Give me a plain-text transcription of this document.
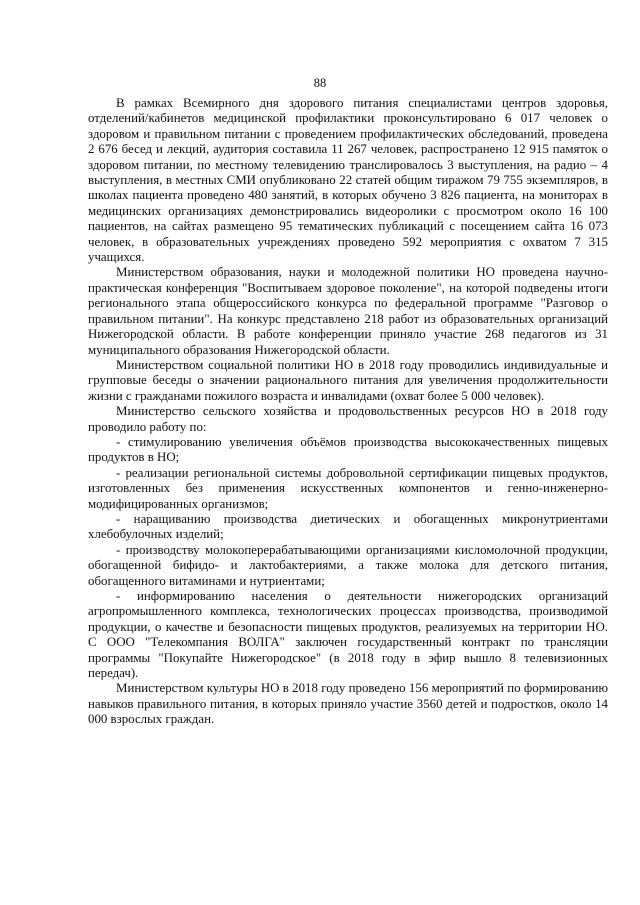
88

В рамках Всемирного дня здорового питания специалистами центров здоровья, отделений/кабинетов медицинской профилактики проконсультировано 6 017 человек о здоровом и правильном питании с проведением профилактических обследований, проведена 2 676 бесед и лекций, аудитория составила 11 267 человек, распространено 12 915 памяток о здоровом питании, по местному телевидению транслировалось 3 выступления, на радио – 4 выступления, в местных СМИ опубликовано 22 статей общим тиражом 79 755 экземпляров, в школах пациента проведено 480 занятий, в которых обучено 3 826 пациента, на мониторах в медицинских организациях демонстрировались видеоролики с просмотром около 16 100 пациентов, на сайтах размещено 95 тематических публикаций с посещением сайта 16 073 человек, в образовательных учреждениях проведено 592 мероприятия с охватом 7 315 учащихся.

Министерством образования, науки и молодежной политики НО проведена научно-практическая конференция "Воспитываем здоровое поколение", на которой подведены итоги регионального этапа общероссийского конкурса по федеральной программе "Разговор о правильном питании". На конкурс представлено 218 работ из образовательных организаций Нижегородской области. В работе конференции приняло участие 268 педагогов из 31 муниципального образования Нижегородской области.

Министерством социальной политики НО в 2018 году проводились индивидуальные и групповые беседы о значении рационального питания для увеличения продолжительности жизни с гражданами пожилого возраста и инвалидами (охват более 5 000 человек).

Министерство сельского хозяйства и продовольственных ресурсов НО в 2018 году проводило работу по:

- стимулированию увеличения объёмов производства высококачественных пищевых продуктов в НО;

- реализации региональной системы добровольной сертификации пищевых продуктов, изготовленных без применения искусственных компонентов и генно-инженерно-модифицированных организмов;

- наращиванию производства диетических и обогащенных микронутриентами хлебобулочных изделий;

- производству молокоперерабатывающими организациями кисломолочной продукции, обогащенной бифидо- и лактобактериями, а также молока для детского питания, обогащенного витаминами и нутриентами;

- информированию населения о деятельности нижегородских организаций агропромышленного комплекса, технологических процессах производства, производимой продукции, о качестве и безопасности пищевых продуктов, реализуемых на территории НО. С ООО "Телекомпания ВОЛГА" заключен государственный контракт по трансляции программы "Покупайте Нижегородское" (в 2018 году в эфир вышло 8 телевизионных передач).

Министерством культуры НО в 2018 году проведено 156 мероприятий по формированию навыков правильного питания, в которых приняло участие 3560 детей и подростков, около 14 000 взрослых граждан.
